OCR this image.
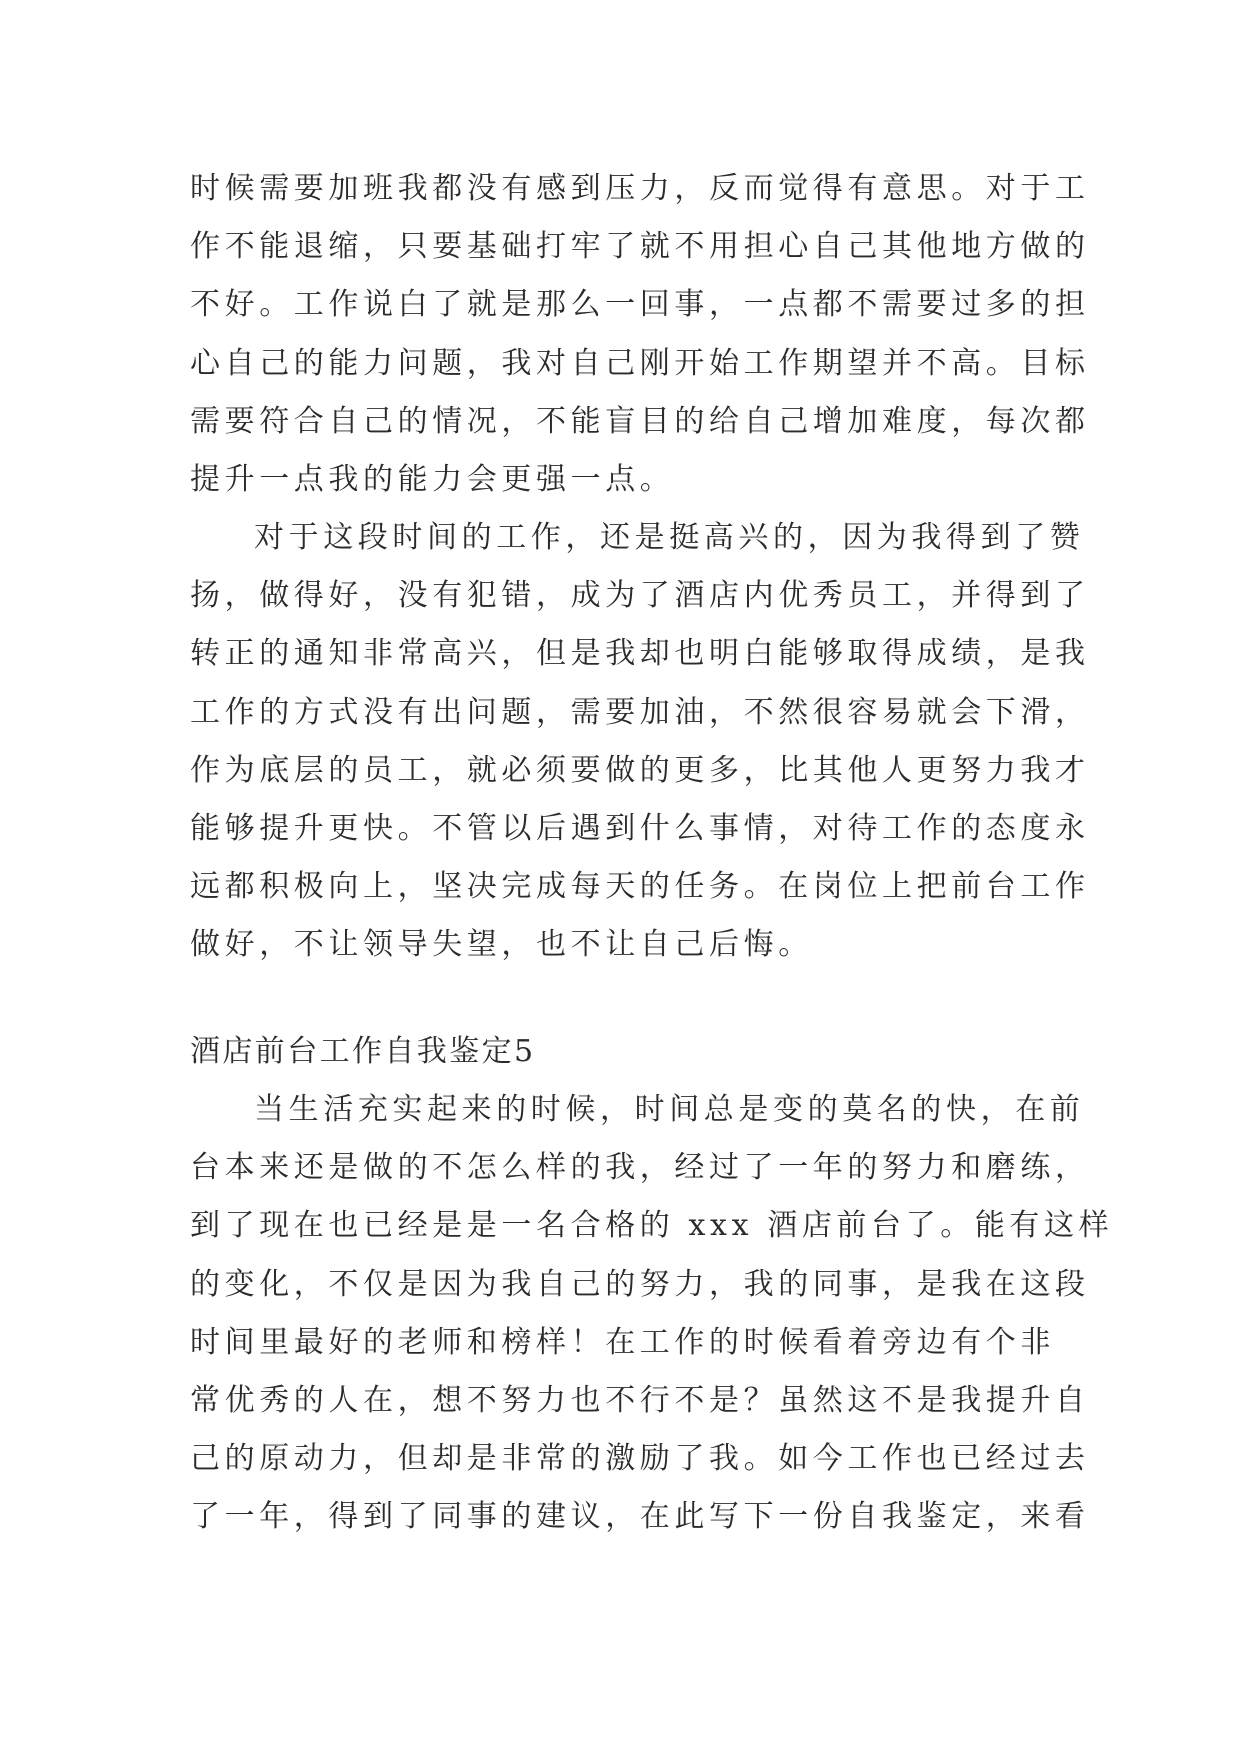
时候需要加班我都没有感到压力，反而觉得有意思。对于工
作不能退缩，只要基础打牢了就不用担心自己其他地方做的
不好。工作说白了就是那么一回事，一点都不需要过多的担
心自己的能力问题，我对自己刚开始工作期望并不高。目标
需要符合自己的情况，不能盲目的给自己增加难度，每次都
提升一点我的能力会更强一点。
对于这段时间的工作，还是挺高兴的，因为我得到了赞
扬，做得好，没有犯错，成为了酒店内优秀员工，并得到了
转正的通知非常高兴，但是我却也明白能够取得成绩，是我
工作的方式没有出问题，需要加油，不然很容易就会下滑，
作为底层的员工，就必须要做的更多，比其他人更努力我才
能够提升更快。不管以后遇到什么事情，对待工作的态度永
远都积极向上，坚决完成每天的任务。在岗位上把前台工作
做好，不让领导失望，也不让自己后悔。
酒店前台工作自我鉴定5
当生活充实起来的时候，时间总是变的莫名的快，在前
台本来还是做的不怎么样的我，经过了一年的努力和磨练，
到了现在也已经是是一名合格的 xxx 酒店前台了。能有这样
的变化，不仅是因为我自己的努力，我的同事，是我在这段
时间里最好的老师和榜样！在工作的时候看着旁边有个非
常优秀的人在，想不努力也不行不是？虽然这不是我提升自
己的原动力，但却是非常的激励了我。如今工作也已经过去
了一年，得到了同事的建议，在此写下一份自我鉴定，来看
